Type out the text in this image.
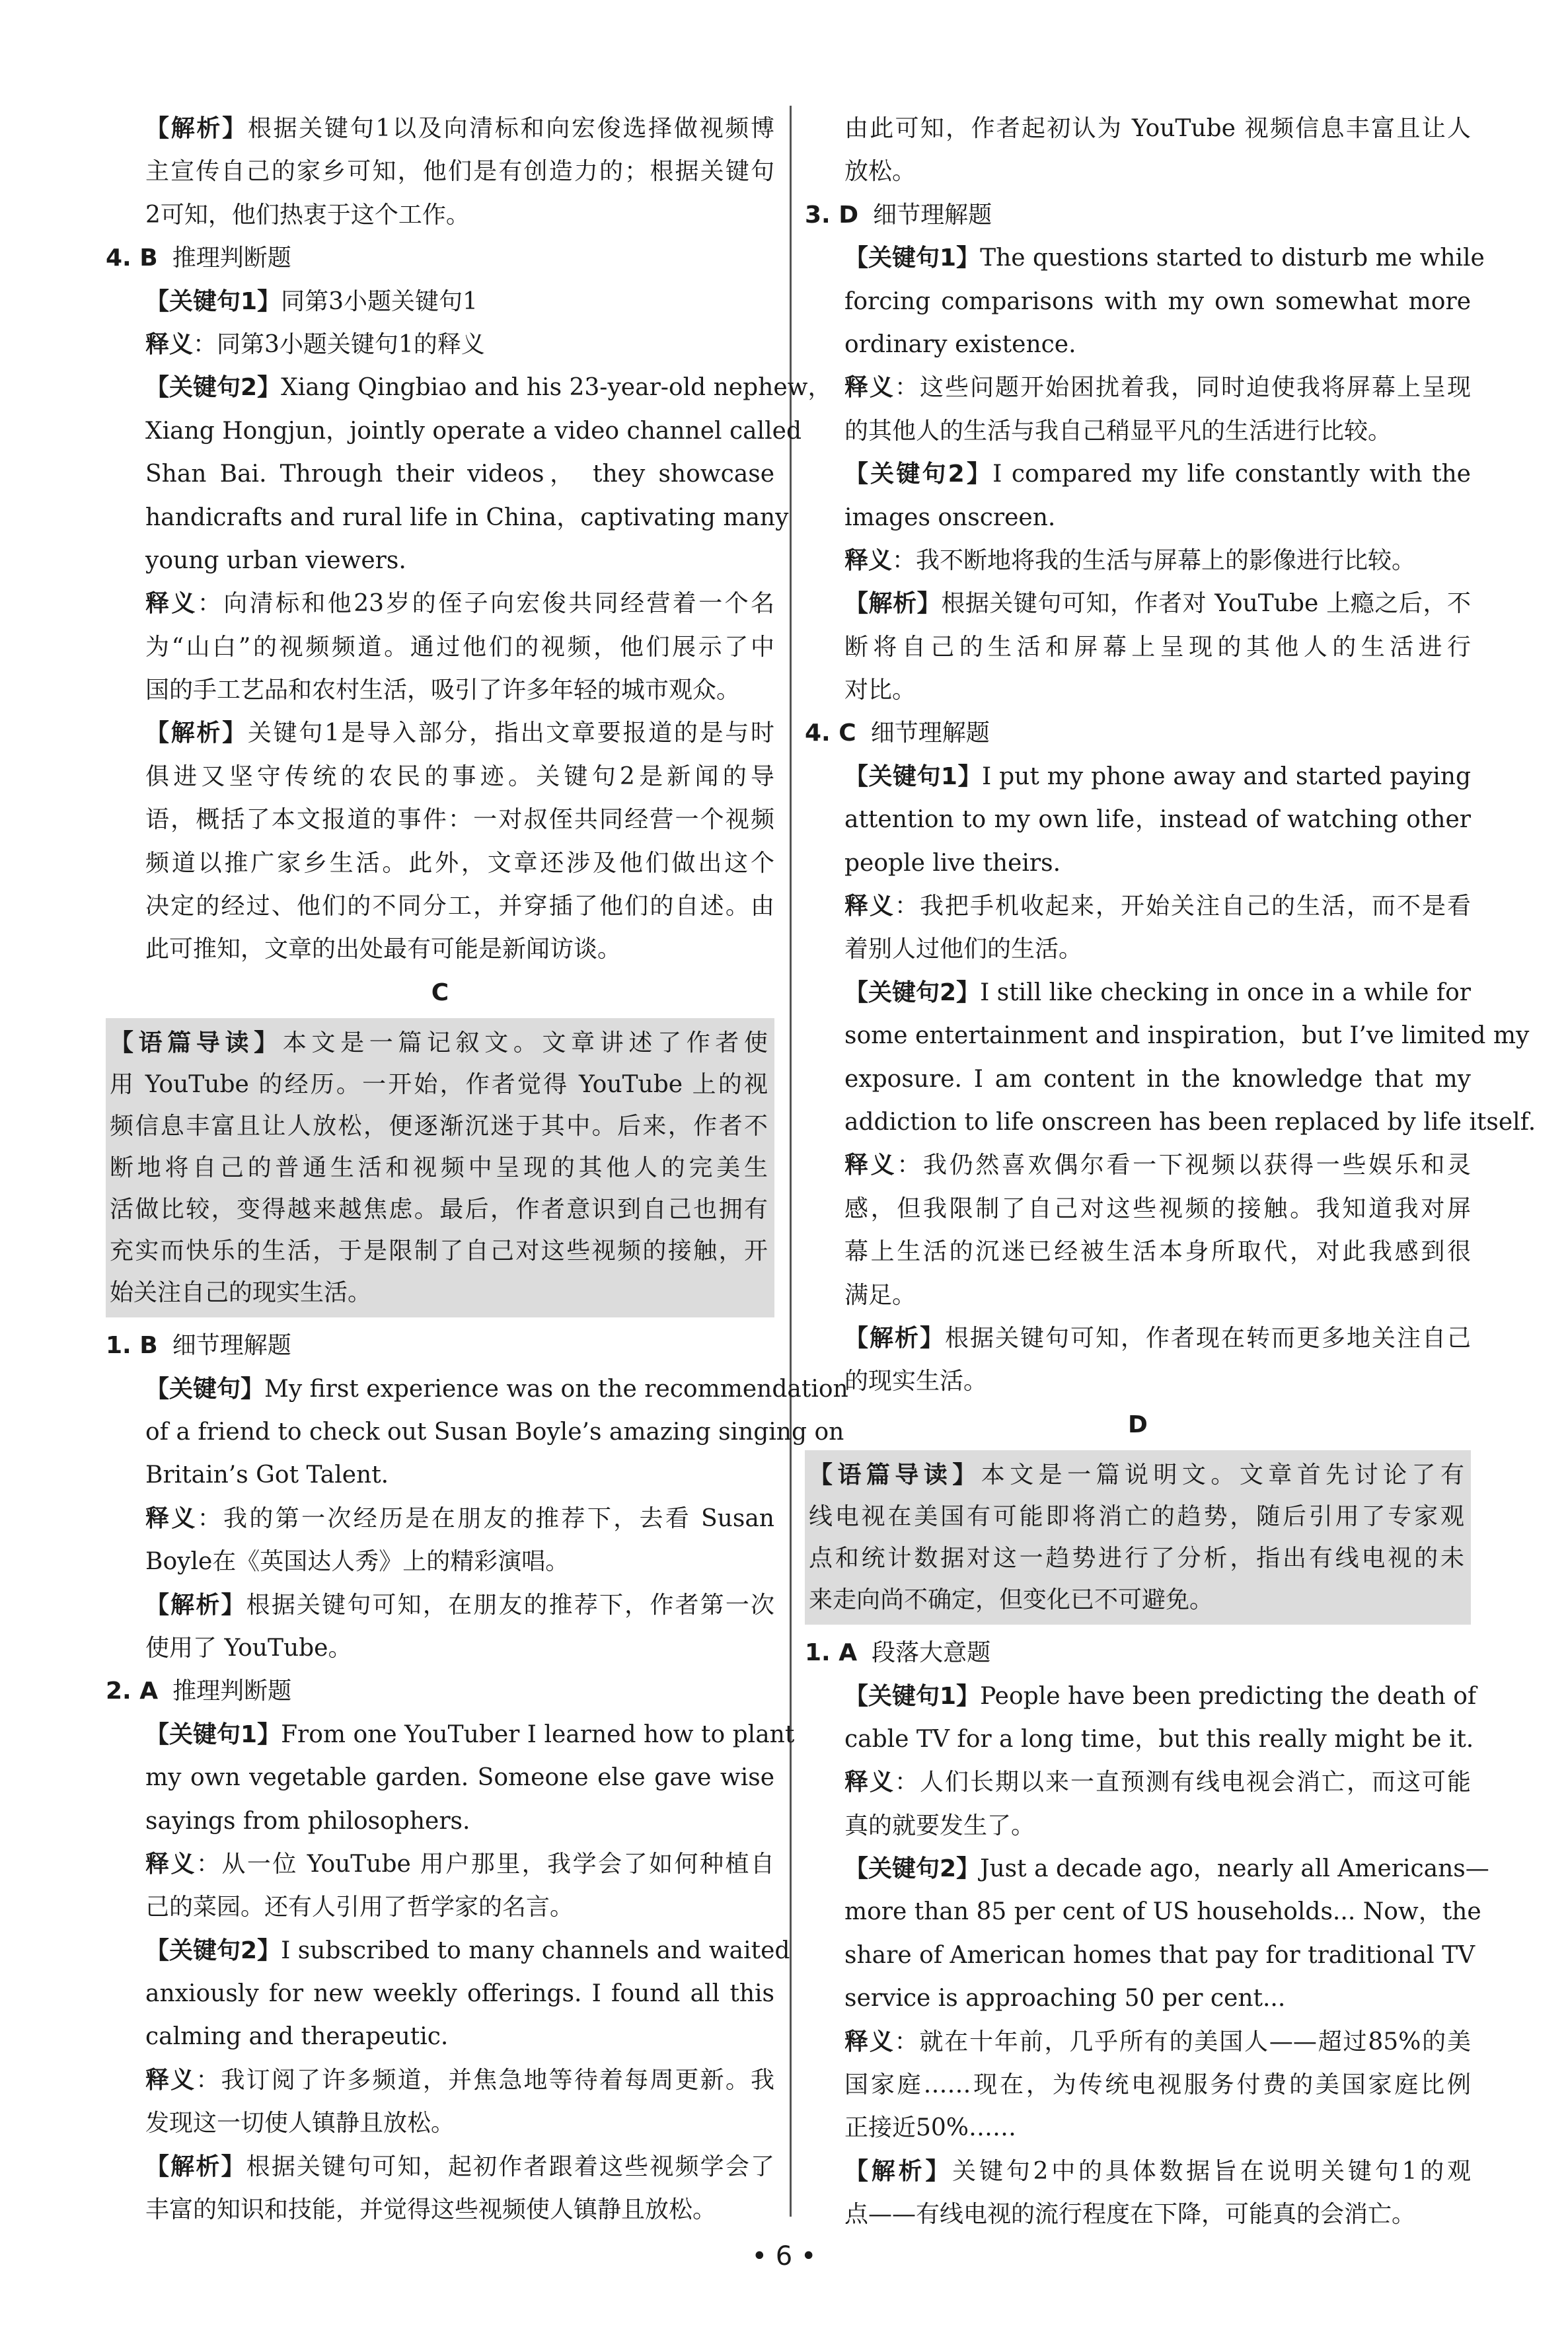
【解析】根据关键句1以及向清标和向宏俊选择做视频博
主宣传自己的家乡可知，他们是有创造力的；根据关键句
2可知，他们热衷于这个工作。
4. B 推理判断题
【关键句1】同第3小题关键句1
释义：同第3小题关键句1的释义
【关键句2】Xiang Qingbiao and his 23-year-old nephew，
Xiang Hongjun，jointly operate a video channel called
Shan Bai. Through their videos， they showcase
handicrafts and rural life in China，captivating many
young urban viewers.
释义：向清标和他23岁的侄子向宏俊共同经营着一个名
为“山白”的视频频道。通过他们的视频，他们展示了中
国的手工艺品和农村生活，吸引了许多年轻的城市观众。
【解析】关键句1是导入部分，指出文章要报道的是与时
俱进又坚守传统的农民的事迹。关键句2是新闻的导
语，概括了本文报道的事件：一对叔侄共同经营一个视频
频道以推广家乡生活。此外，文章还涉及他们做出这个
决定的经过、他们的不同分工，并穿插了他们的自述。由
此可推知，文章的出处最有可能是新闻访谈。
C
【语篇导读】本文是一篇记叙文。文章讲述了作者使
用 YouTube 的经历。一开始，作者觉得 YouTube 上的视
频信息丰富且让人放松，便逐渐沉迷于其中。后来，作者不
断地将自己的普通生活和视频中呈现的其他人的完美生
活做比较，变得越来越焦虑。最后，作者意识到自己也拥有
充实而快乐的生活，于是限制了自己对这些视频的接触，开
始关注自己的现实生活。
1. B 细节理解题
【关键句】My first experience was on the recommendation
of a friend to check out Susan Boyle’s amazing singing on
Britain’s Got Talent.
释义：我的第一次经历是在朋友的推荐下，去看 Susan
Boyle在《英国达人秀》上的精彩演唱。
【解析】根据关键句可知，在朋友的推荐下，作者第一次
使用了 YouTube。
2. A 推理判断题
【关键句1】From one YouTuber I learned how to plant
my own vegetable garden. Someone else gave wise
sayings from philosophers.
释义：从一位 YouTube 用户那里，我学会了如何种植自
己的菜园。还有人引用了哲学家的名言。
【关键句2】I subscribed to many channels and waited
anxiously for new weekly offerings. I found all this
calming and therapeutic.
释义：我订阅了许多频道，并焦急地等待着每周更新。我
发现这一切使人镇静且放松。
【解析】根据关键句可知，起初作者跟着这些视频学会了
丰富的知识和技能，并觉得这些视频使人镇静且放松。
由此可知，作者起初认为 YouTube 视频信息丰富且让人
放松。
3. D 细节理解题
【关键句1】The questions started to disturb me while
forcing comparisons with my own somewhat more
ordinary existence.
释义：这些问题开始困扰着我，同时迫使我将屏幕上呈现
的其他人的生活与我自己稍显平凡的生活进行比较。
【关键句2】I compared my life constantly with the
images onscreen.
释义：我不断地将我的生活与屏幕上的影像进行比较。
【解析】根据关键句可知，作者对 YouTube 上瘾之后，不
断将自己的生活和屏幕上呈现的其他人的生活进行
对比。
4. C 细节理解题
【关键句1】I put my phone away and started paying
attention to my own life，instead of watching other
people live theirs.
释义：我把手机收起来，开始关注自己的生活，而不是看
着别人过他们的生活。
【关键句2】I still like checking in once in a while for
some entertainment and inspiration，but I’ve limited my
exposure. I am content in the knowledge that my
addiction to life onscreen has been replaced by life itself.
释义：我仍然喜欢偶尔看一下视频以获得一些娱乐和灵
感，但我限制了自己对这些视频的接触。我知道我对屏
幕上生活的沉迷已经被生活本身所取代，对此我感到很
满足。
【解析】根据关键句可知，作者现在转而更多地关注自己
的现实生活。
D
【语篇导读】本文是一篇说明文。文章首先讨论了有
线电视在美国有可能即将消亡的趋势，随后引用了专家观
点和统计数据对这一趋势进行了分析，指出有线电视的未
来走向尚不确定，但变化已不可避免。
1. A 段落大意题
【关键句1】People have been predicting the death of
cable TV for a long time，but this really might be it.
释义：人们长期以来一直预测有线电视会消亡，而这可能
真的就要发生了。
【关键句2】Just a decade ago，nearly all Americans—
more than 85 per cent of US households... Now，the
share of American homes that pay for traditional TV
service is approaching 50 per cent...
释义：就在十年前，几乎所有的美国人——超过85%的美
国家庭……现在，为传统电视服务付费的美国家庭比例
正接近50%……
【解析】关键句2中的具体数据旨在说明关键句1的观
点——有线电视的流行程度在下降，可能真的会消亡。
• 6 •
